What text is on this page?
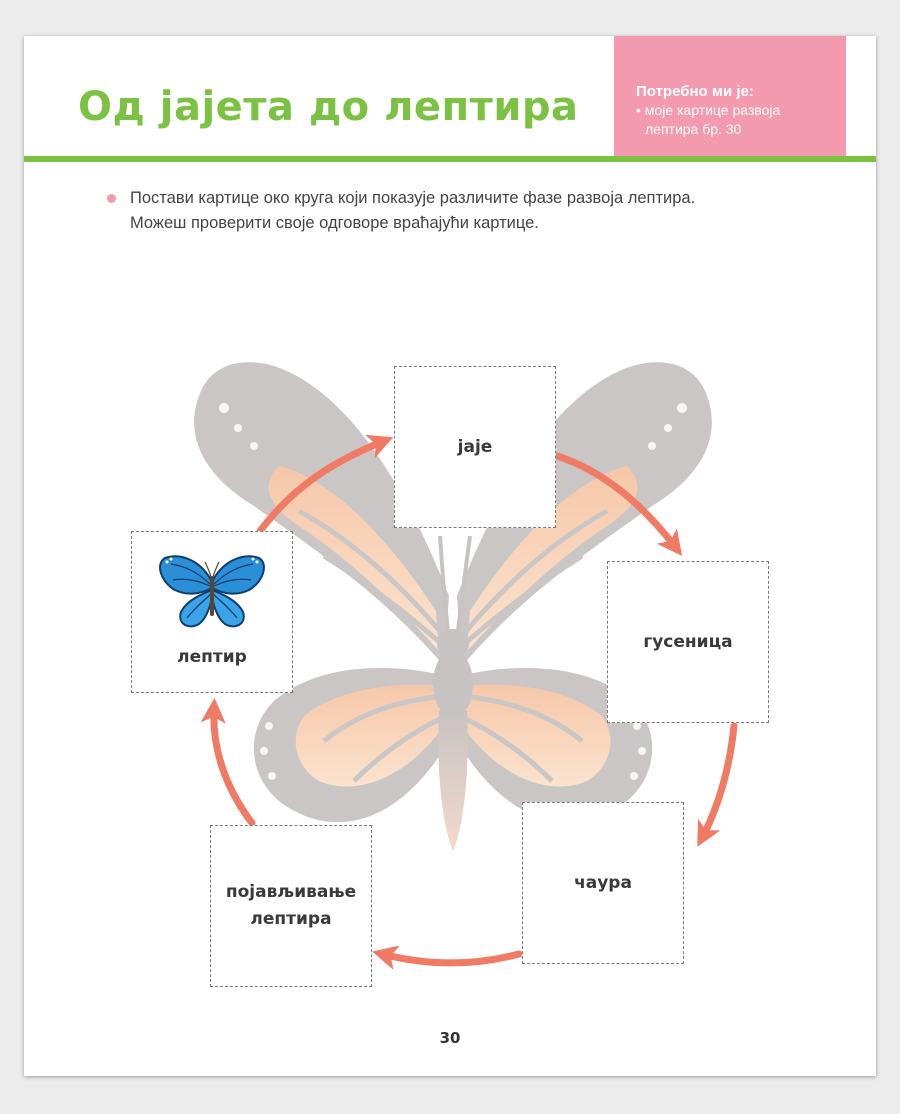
Од јајета до лептира	Потребно ми је:
• моје картице развоја
лептира бр. 30
Постави картице око круга који показује различите фазе развоја лептира.
Можеш проверити своје одговоре враћајући картице.
јаје
гусеница
чаура
појављивање
лептира
лептир
30
